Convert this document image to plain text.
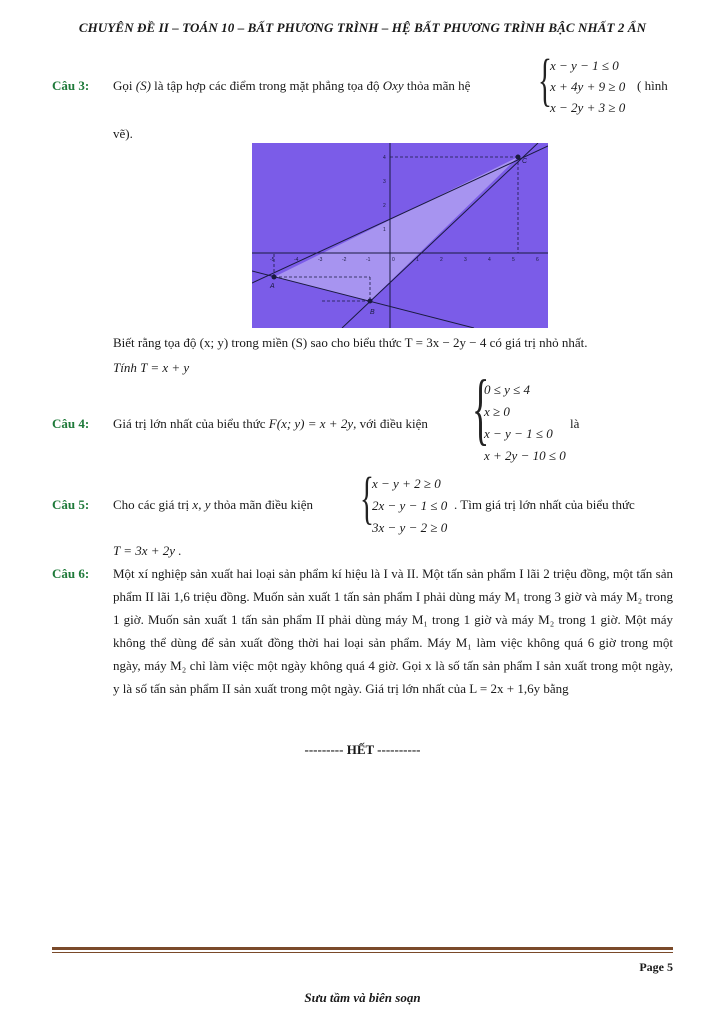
CHUYÊN ĐỀ II – TOÁN 10 – BẤT PHƯƠNG TRÌNH – HỆ BẤT PHƯƠNG TRÌNH BẬC NHẤT 2 ẨN
Câu 3: Gọi (S) là tập hợp các điểm trong mặt phẳng tọa độ Oxy thỏa mãn hệ {
x − y − 1 ≤ 0
x + 4y + 9 ≥ 0
x − 2y + 3 ≥ 0
( hình
vẽ).
A
B
C
4
3
2
1
-5	-4	-3	-2	-1	0	1	2	3	4	5	6
Biết rằng tọa độ (x; y) trong miền (S) sao cho biểu thức T = 3x − 2y − 4 có giá trị nhỏ nhất.
Tính T = x + y
Câu 4: Giá trị lớn nhất của biểu thức F(x; y) = x + 2y, với điều kiện {
0 ≤ y ≤ 4
x ≥ 0
x − y − 1 ≤ 0
x + 2y − 10 ≤ 0
là
Câu 5: Cho các giá trị x, y thỏa mãn điều kiện {
x − y + 2 ≥ 0
2x − y − 1 ≤ 0
3x − y − 2 ≥ 0
. Tìm giá trị lớn nhất của biểu thức
T = 3x + 2y .
Câu 6: Một xí nghiệp sản xuất hai loại sản phẩm kí hiệu là I và II. Một tấn sản phẩm I lãi 2 triệu đồng, một tấn sản phẩm II lãi 1,6 triệu đồng. Muốn sản xuất 1 tấn sản phẩm I phải dùng máy M₁ trong 3 giờ và máy M₂ trong 1 giờ. Muốn sản xuất 1 tấn sản phẩm II phải dùng máy M₁ trong 1 giờ và máy M₂ trong 1 giờ. Một máy không thể dùng để sản xuất đồng thời hai loại sản phẩm. Máy M₁ làm việc không quá 6 giờ trong một ngày, máy M₂ chỉ làm việc một ngày không quá 4 giờ. Gọi x là số tấn sản phẩm I sản xuất trong một ngày, y là số tấn sản phẩm II sản xuất trong một ngày. Giá trị lớn nhất của L = 2x + 1,6y bằng
--------- HẾT ----------
Page 5
Sưu tầm và biên soạn
